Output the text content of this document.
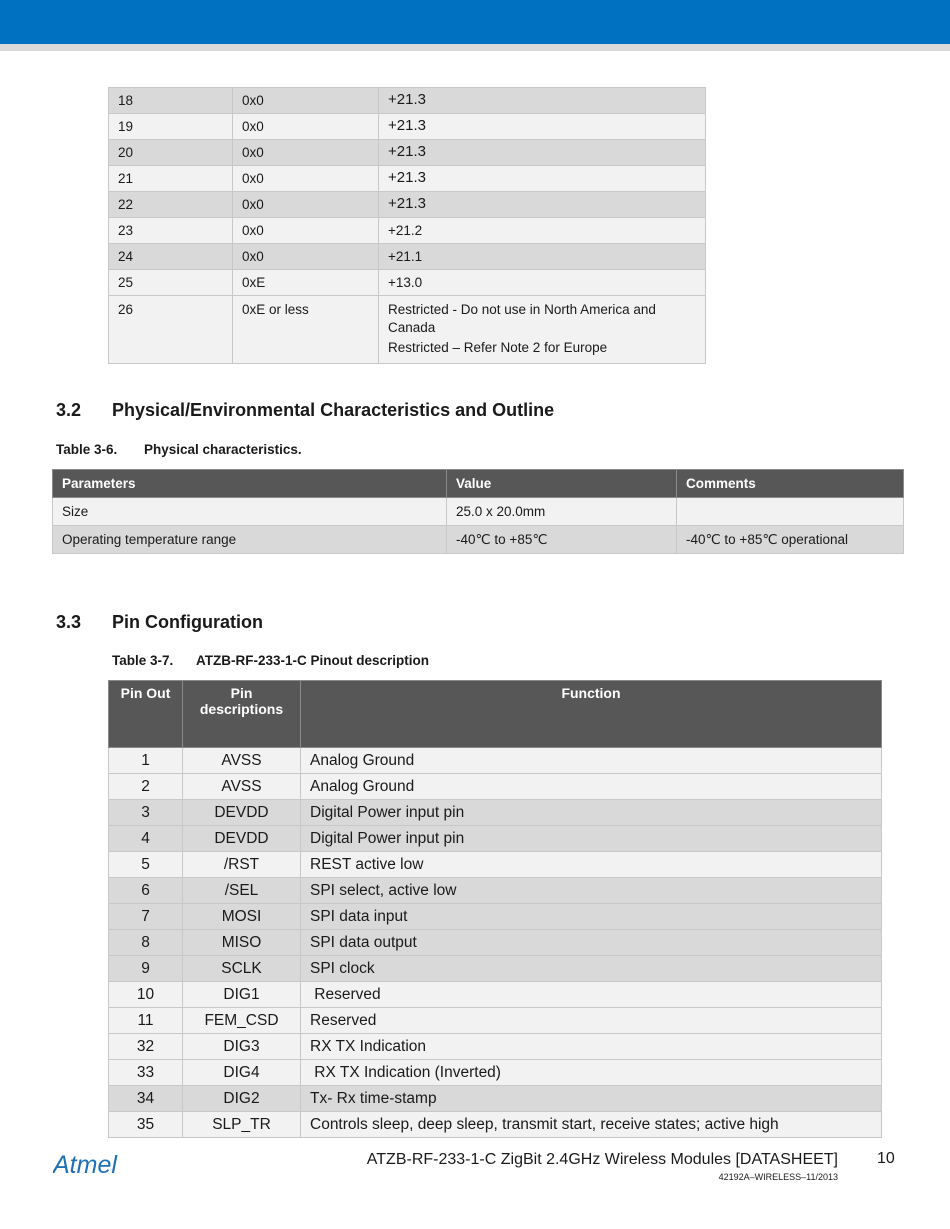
18	0x0	+21.3
19	0x0	+21.3
20	0x0	+21.3
21	0x0	+21.3
22	0x0	+21.3
23	0x0	+21.2
24	0x0	+21.1
25	0xE	+13.0
26	0xE or less	Restricted - Do not use in North America and Canada
Restricted – Refer Note 2 for Europe
3.2 Physical/Environmental Characteristics and Outline
Table 3-6. Physical characteristics.
Parameters	Value	Comments
Size	25.0 x 20.0mm	
Operating temperature range	-40℃ to +85℃	-40℃ to +85℃ operational
3.3 Pin Configuration
Table 3-7. ATZB-RF-233-1-C Pinout description
Pin Out	Pin descriptions	Function
1	AVSS	Analog Ground
2	AVSS	Analog Ground
3	DEVDD	Digital Power input pin
4	DEVDD	Digital Power input pin
5	/RST	REST active low
6	/SEL	SPI select, active low
7	MOSI	SPI data input
8	MISO	SPI data output
9	SCLK	SPI clock
10	DIG1	Reserved
11	FEM_CSD	Reserved
32	DIG3	RX TX Indication
33	DIG4	RX TX Indication (Inverted)
34	DIG2	Tx- Rx time-stamp
35	SLP_TR	Controls sleep, deep sleep, transmit start, receive states; active high
Atmel	ATZB-RF-233-1-C ZigBit 2.4GHz Wireless Modules [DATASHEET] 10
42192A–WIRELESS–11/2013
